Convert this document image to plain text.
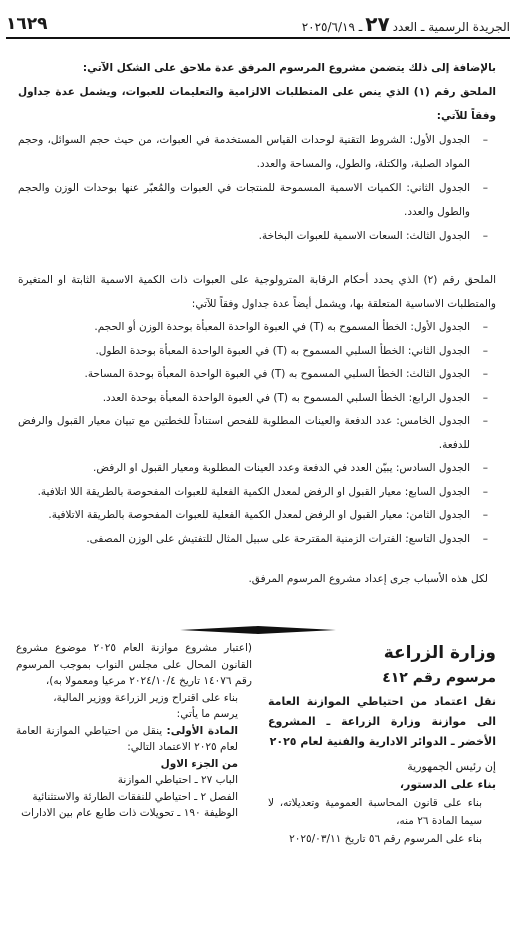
الجريدة الرسمية ـ العدد
٢٧
ـ ٢٠٢٥/٦/١٩
١٦٢٩

بالإضافة إلى ذلك يتضمن مشروع المرسوم المرفق عدة ملاحق على الشكل الآتي:

الملحق رقم (١) الذي ينص على المتطلبات الالزامية والتعليمات للعبوات، ويشمل عدة جداول وفقاً للآتي:

– الجدول الأول: الشروط التقنية لوحدات القياس المستخدمة في العبوات، من حيث حجم السوائل، وحجم المواد الصلبة، والكتلة، والطول، والمساحة والعدد.
– الجدول الثاني: الكميات الاسمية المسموحة للمنتجات في العبوات والمُعبّر عنها بوحدات الوزن والحجم والطول والعدد.
– الجدول الثالث: السعات الاسمية للعبوات البخاخة.

الملحق رقم (٢) الذي يحدد أحكام الرقابة المترولوجية على العبوات ذات الكمية الاسمية الثابتة او المتغيرة والمتطلبات الاساسية المتعلقة بها، ويشمل أيضاً عدة جداول وفقاً للآتي:

– الجدول الأول: الخطأ المسموح به (T) في العبوة الواحدة المعبأة بوحدة الوزن أو الحجم.
– الجدول الثاني: الخطأ السلبي المسموح به (T) في العبوة الواحدة المعبأة بوحدة الطول.
– الجدول الثالث: الخطأ السلبي المسموح به (T) في العبوة الواحدة المعبأة بوحدة المساحة.
– الجدول الرابع: الخطأ السلبي المسموح به (T) في العبوة الواحدة المعبأة بوحدة العدد.
– الجدول الخامس: عدد الدفعة والعينات المطلوبة للفحص استناداً للخطتين مع تبيان معيار القبول والرفض للدفعة.
– الجدول السادس: يبيّن العدد في الدفعة وعدد العينات المطلوبة ومعيار القبول او الرفض.
– الجدول السابع: معيار القبول او الرفض لمعدل الكمية الفعلية للعبوات المفحوصة بالطريقة اللا اتلافية.
– الجدول الثامن: معيار القبول او الرفض لمعدل الكمية الفعلية للعبوات المفحوصة بالطريقة الاتلافية.
– الجدول التاسع: الفترات الزمنية المقترحة على سبيل المثال للتفتيش على الوزن المصفى.

لكل هذه الأسباب جرى إعداد مشروع المرسوم المرفق.

وزارة الزراعة

مرسوم رقم ٤١٢

نقل اعتماد من احتياطي الموازنة العامة الى موازنة وزارة الزراعة ـ المشروع الأخضر ـ الدوائر الادارية والفنية لعام ٢٠٢٥

إن رئيس الجمهورية

بناء على الدستور،

بناء على قانون المحاسبة العمومية وتعديلاته، لا سيما المادة ٢٦ منه،

بناء على المرسوم رقم ٥٦ تاريخ ٢٠٢٥/٠٣/١١

(اعتبار مشروع موازنة العام ٢٠٢٥ موضوع مشروع القانون المحال على مجلس النواب بموجب المرسوم رقم ١٤٠٧٦ تاريخ ٢٠٢٤/١٠/٤ مرعيا ومعمولا به)،

بناء على اقتراح وزير الزراعة ووزير المالية،

يرسم ما يأتي:

المادة الأولى: ينقل من احتياطي الموازنة العامة لعام ٢٠٢٥ الاعتماد التالي:

من الجزء الاول

الباب ٢٧ ـ احتياطي الموازنة

الفصل ٢ ـ احتياطي للنفقات الطارئة والاستثنائية

الوظيفة ١٩٠ ـ تحويلات ذات طابع عام بين الادارات
